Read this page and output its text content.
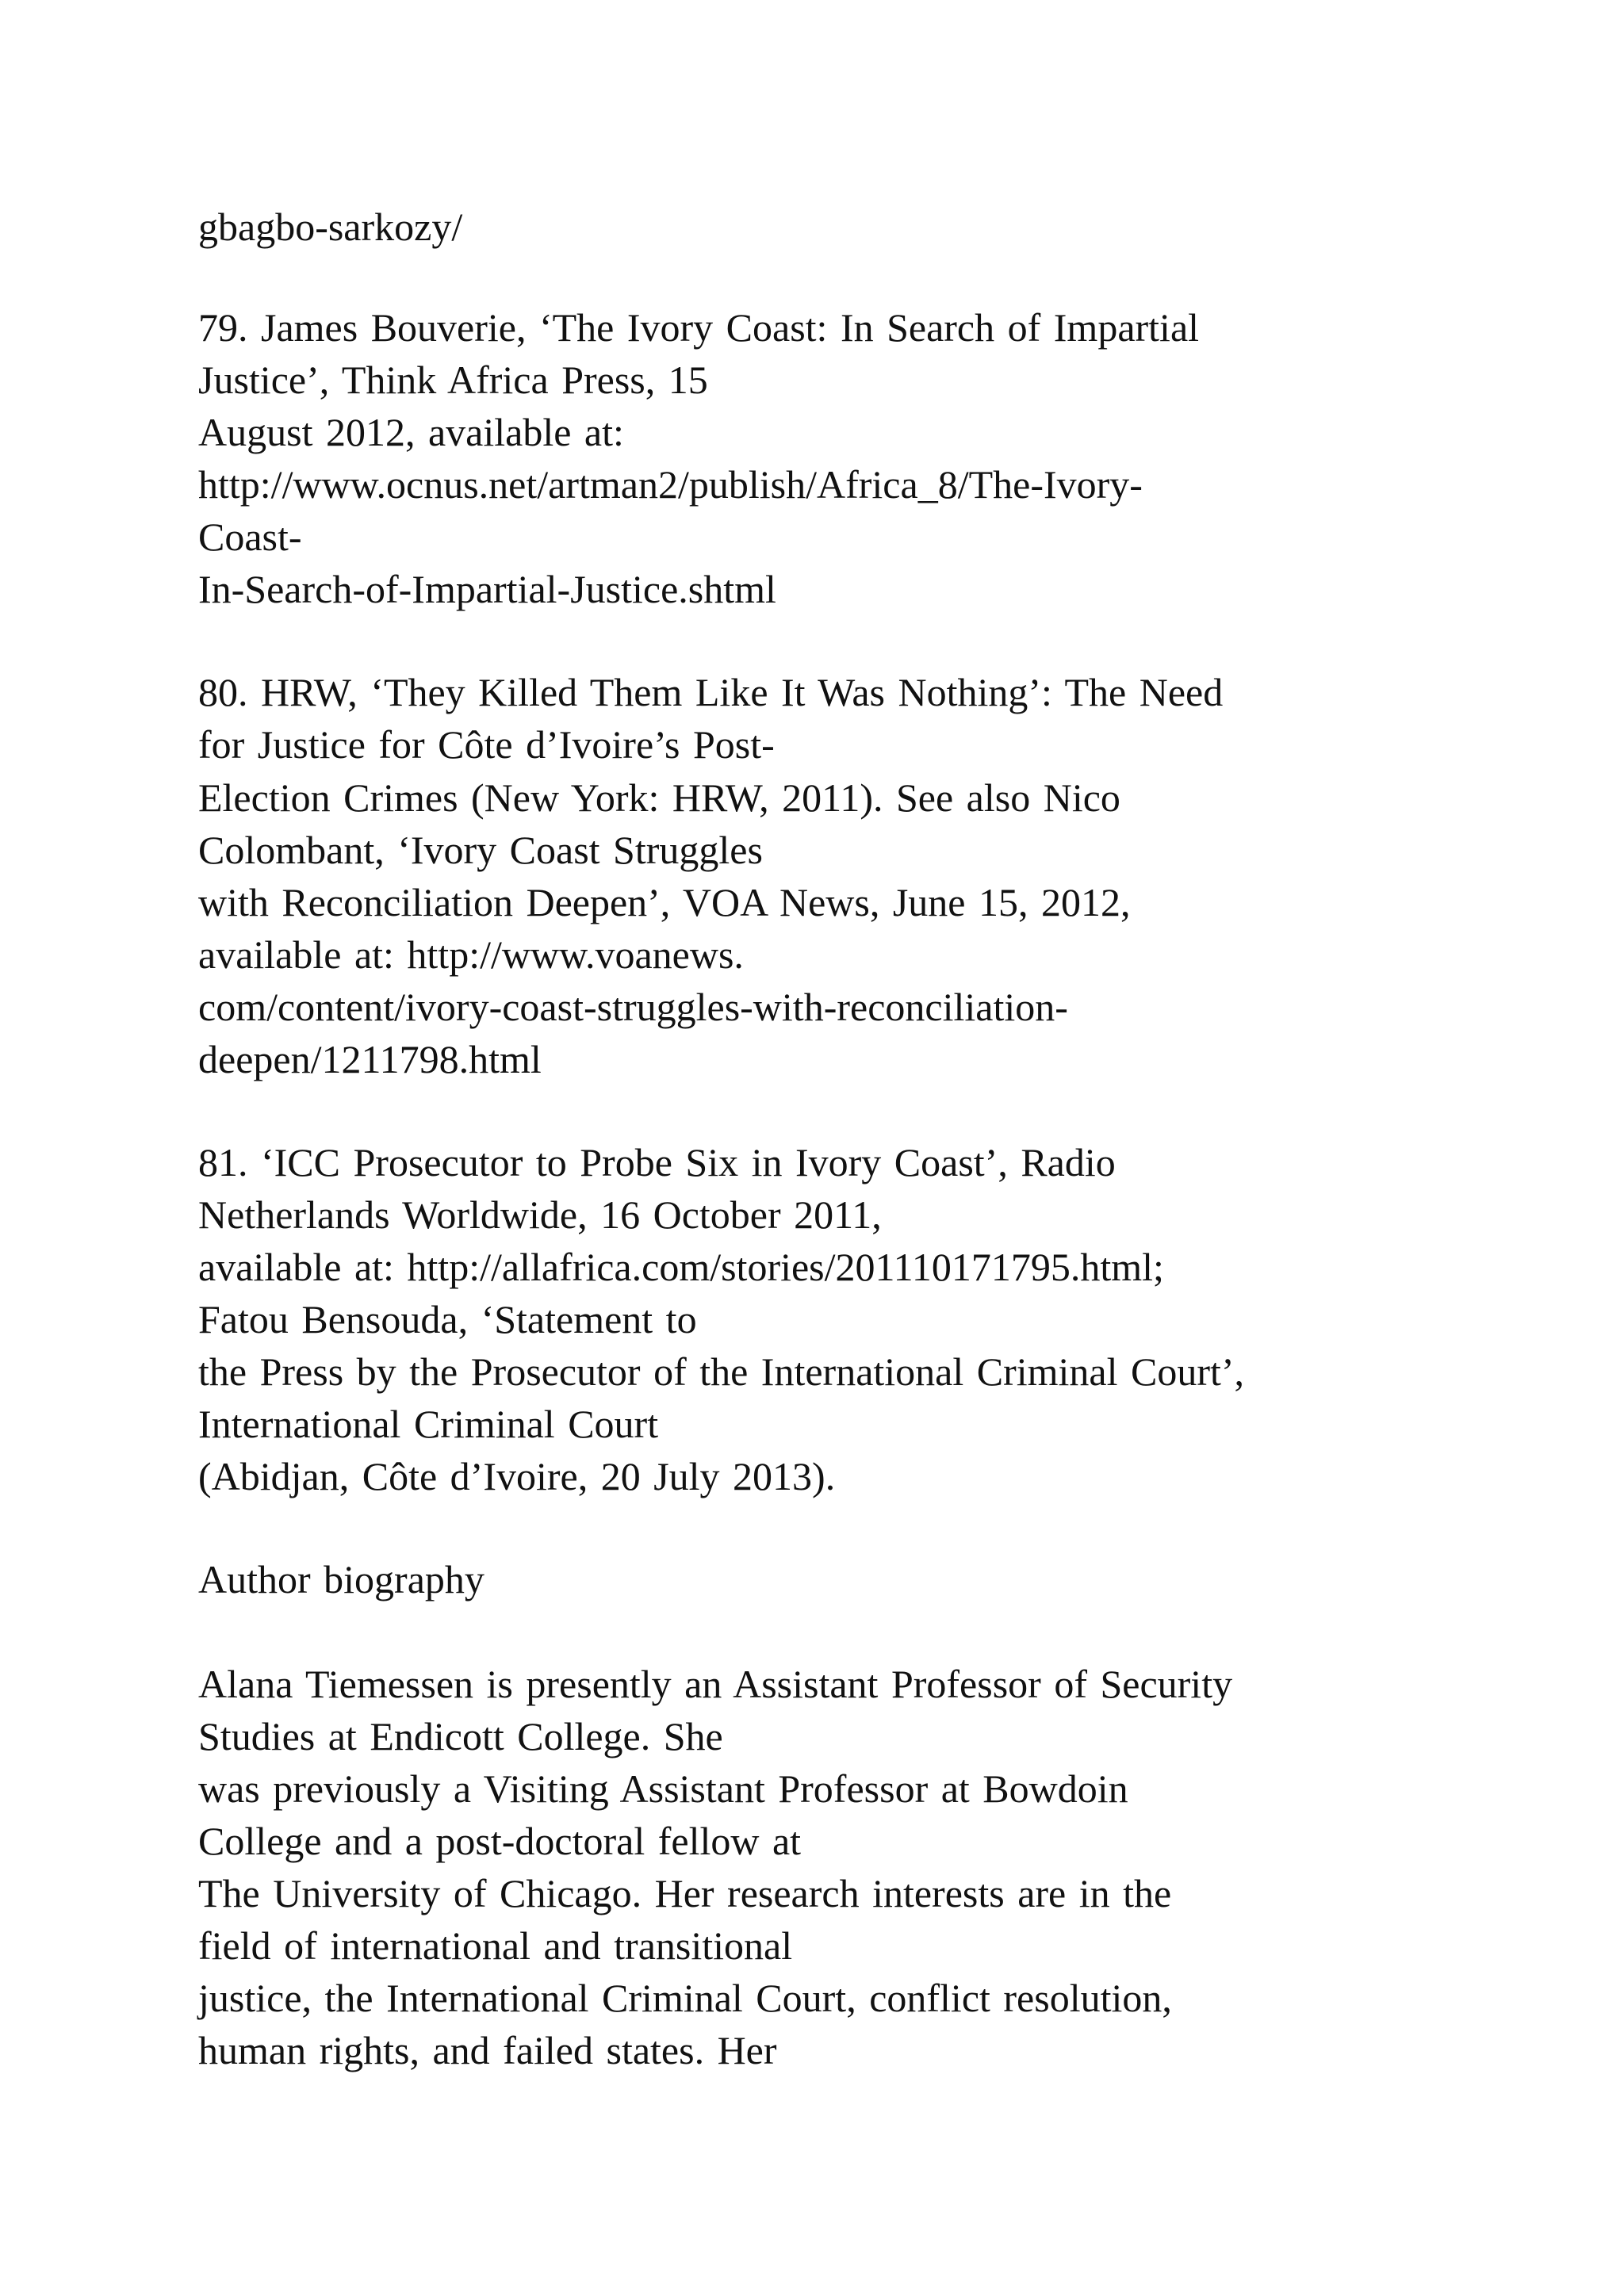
gbagbo-sarkozy/

79. James Bouverie, ‘The Ivory Coast: In Search of Impartial

Justice’, Think Africa Press, 15

August 2012, available at:

http://www.ocnus.net/artman2/publish/Africa_8/The-Ivory-

Coast-

In-Search-of-Impartial-Justice.shtml

80. HRW, ‘They Killed Them Like It Was Nothing’: The Need

for Justice for Côte d’Ivoire’s Post-

Election Crimes (New York: HRW, 2011). See also Nico

Colombant, ‘Ivory Coast Struggles

with Reconciliation Deepen’, VOA News, June 15, 2012,

available at: http://www.voanews.

com/content/ivory-coast-struggles-with-reconciliation-

deepen/1211798.html

81. ‘ICC Prosecutor to Probe Six in Ivory Coast’, Radio

Netherlands Worldwide, 16 October 2011,

available at: http://allafrica.com/stories/201110171795.html;

Fatou Bensouda, ‘Statement to

the Press by the Prosecutor of the International Criminal Court’,

International Criminal Court

(Abidjan, Côte d’Ivoire, 20 July 2013).

Author biography

Alana Tiemessen is presently an Assistant Professor of Security

Studies at Endicott College. She

was previously a Visiting Assistant Professor at Bowdoin

College and a post-doctoral fellow at

The University of Chicago. Her research interests are in the

field of international and transitional

justice, the International Criminal Court, conflict resolution,

human rights, and failed states. Her
